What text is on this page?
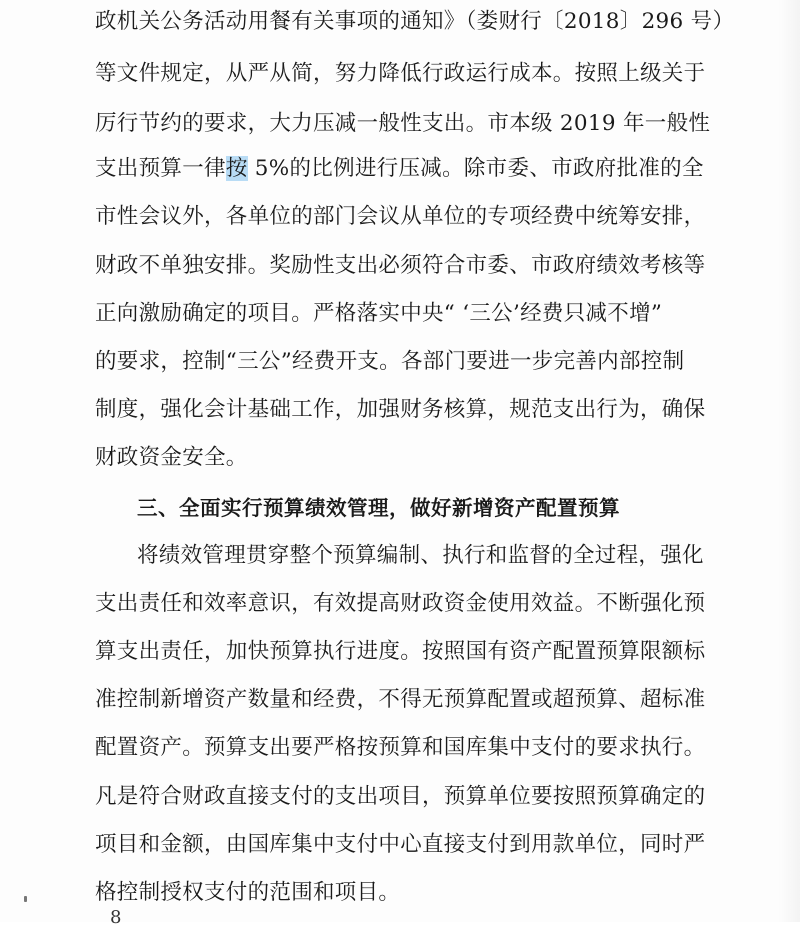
政机关公务活动用餐有关事项的通知》（娄财行〔2018〕296 号）
等文件规定，从严从简，努力降低行政运行成本。按照上级关于
厉行节约的要求，大力压减一般性支出。市本级 2019 年一般性
支出预算一律按 5%的比例进行压减。除市委、市政府批准的全
市性会议外，各单位的部门会议从单位的专项经费中统筹安排，
财政不单独安排。奖励性支出必须符合市委、市政府绩效考核等
正向激励确定的项目。严格落实中央“ ‘三公’经费只减不增”
的要求，控制“三公”经费开支。各部门要进一步完善内部控制
制度，强化会计基础工作，加强财务核算，规范支出行为，确保
财政资金安全。
三、全面实行预算绩效管理，做好新增资产配置预算
将绩效管理贯穿整个预算编制、执行和监督的全过程，强化
支出责任和效率意识，有效提高财政资金使用效益。不断强化预
算支出责任，加快预算执行进度。按照国有资产配置预算限额标
准控制新增资产数量和经费，不得无预算配置或超预算、超标准
配置资产。预算支出要严格按预算和国库集中支付的要求执行。
凡是符合财政直接支付的支出项目，预算单位要按照预算确定的
项目和金额，由国库集中支付中心直接支付到用款单位，同时严
格控制授权支付的范围和项目。
8
